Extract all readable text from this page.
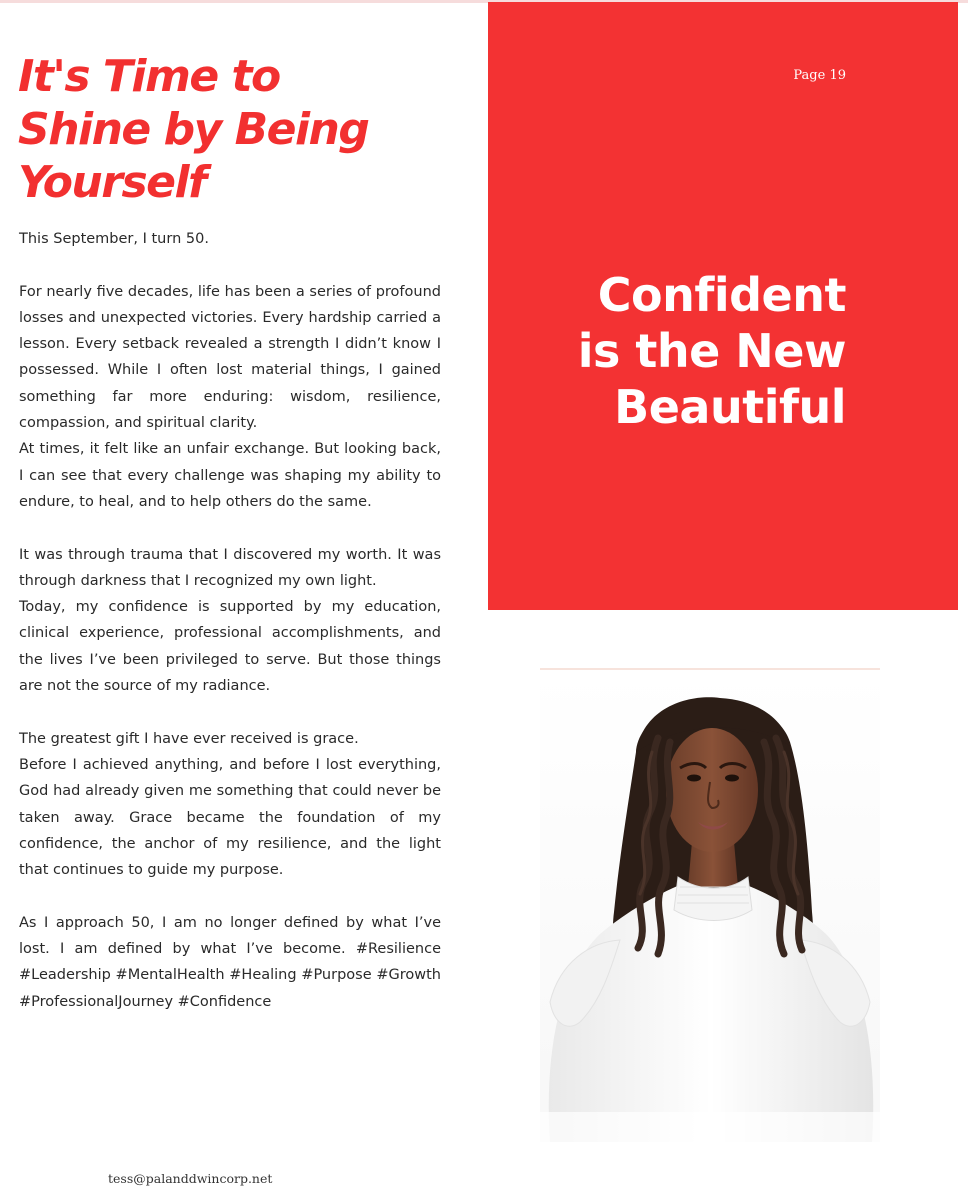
It's Time to
Shine by Being
Yourself

This September, I turn 50.

For nearly five decades, life has been a series of profound losses and unexpected victories. Every hardship carried a lesson. Every setback revealed a strength I didn’t know I possessed. While I often lost material things, I gained something far more enduring: wisdom, resilience, compassion, and spiritual clarity.

At times, it felt like an unfair exchange. But looking back, I can see that every challenge was shaping my ability to endure, to heal, and to help others do the same.

It was through trauma that I discovered my worth. It was through darkness that I recognized my own light.

Today, my confidence is supported by my education, clinical experience, professional accomplishments, and the lives I’ve been privileged to serve. But those things are not the source of my radiance.

The greatest gift I have ever received is grace.

Before I achieved anything, and before I lost everything, God had already given me something that could never be taken away. Grace became the foundation of my confidence, the anchor of my resilience, and the light that continues to guide my purpose.

As I approach 50, I am no longer defined by what I’ve lost. I am defined by what I’ve become. #Resilience #Leadership #MentalHealth #Healing #Purpose #Growth #ProfessionalJourney #Confidence

tess@palanddwincorp.net
Page 19
Confident
is the New
Beautiful
